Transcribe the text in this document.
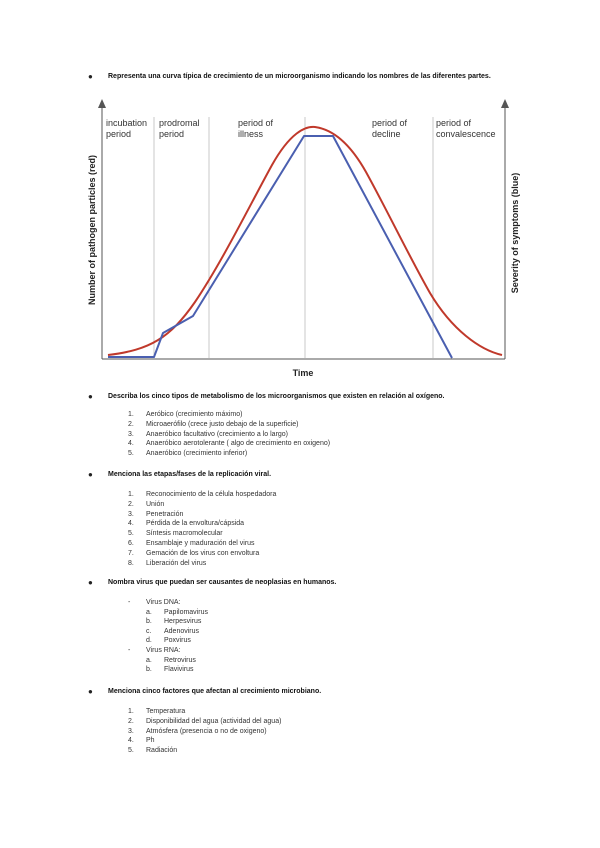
●	Representa una curva típica de crecimiento de un microorganismo indicando los nombres de las diferentes partes.
incubation period
prodromal period
period of illness
period of decline
period of convalescence
Time
Number of pathogen particles (red)	Severity of symptoms (blue)
●	Describa los cinco tipos de metabolismo de los microorganismos que existen en relación al oxígeno.
1.	Aeróbico (crecimiento máximo)
2.	Microaerófilo (crece justo debajo de la superficie)
3.	Anaeróbico facultativo (crecimiento a lo largo)
4.	Anaeróbico aerotolerante ( algo de crecimiento en oxigeno)
5.	Anaeróbico (crecimiento inferior)
●	Menciona las etapas/fases de la replicación viral.
1.	Reconocimiento de la célula hospedadora
2.	Unión
3.	Penetración
4.	Pérdida de la envoltura/cápsida
5.	Síntesis macromolecular
6.	Ensamblaje y maduración del virus
7.	Gemación de los virus con envoltura
8.	Liberación del virus
●	Nombra virus que puedan ser causantes de neoplasias en humanos.
-	Virus DNA:
a.	Papilomavirus
b.	Herpesvirus
c.	Adenovirus
d.	Poxvirus
-	Virus RNA:
a.	Retrovirus
b.	Flavivirus
●	Menciona cinco factores que afectan al crecimiento microbiano.
1.	Temperatura
2.	Disponibilidad del agua (actividad del agua)
3.	Atmósfera (presencia o no de oxigeno)
4.	Ph
5.	Radiación
